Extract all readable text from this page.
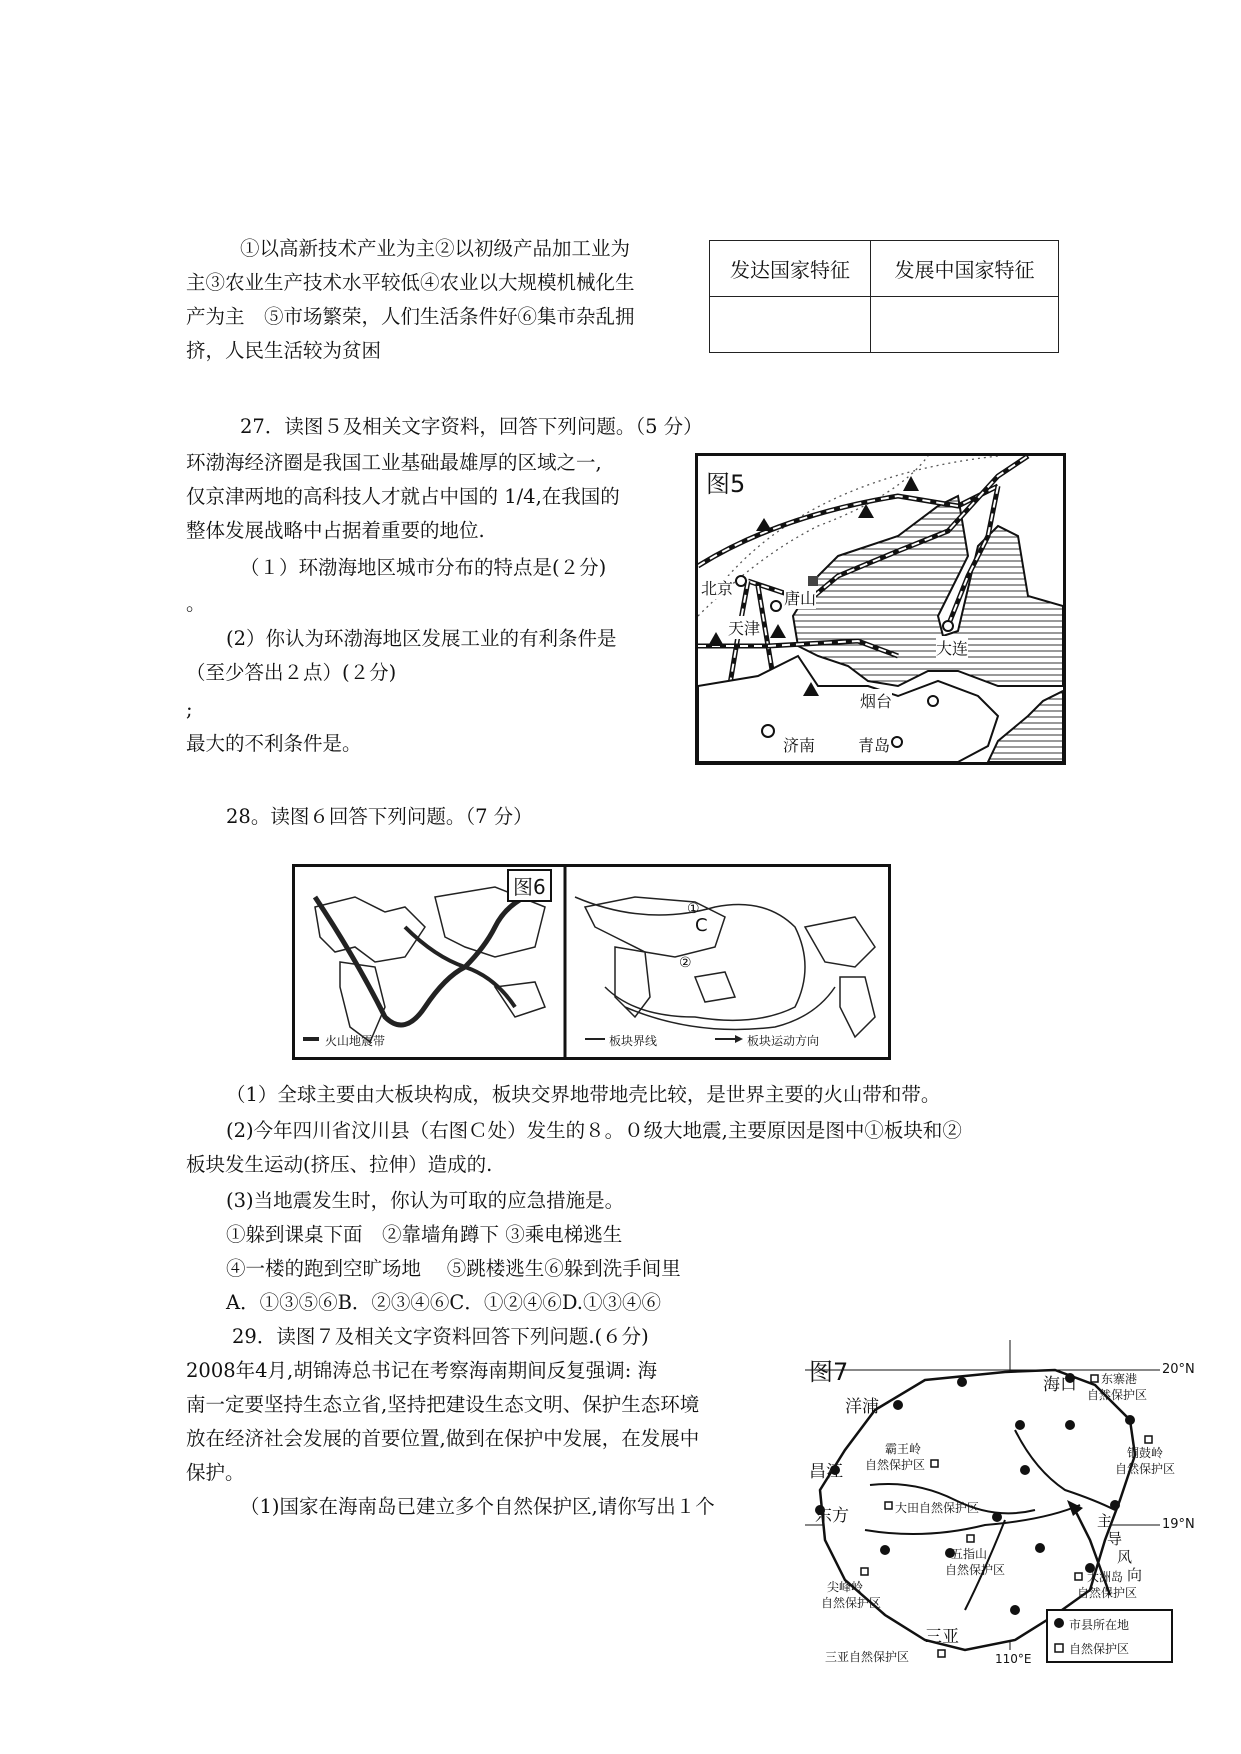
①以高新技术产业为主②以初级产品加工业为
主③农业生产技术水平较低④农业以大规模机械化生
产为主　⑤市场繁荣，人们生活条件好⑥集市杂乱拥
挤，人民生活较为贫困
发达国家特征	发展中国家特征

27．读图５及相关文字资料，回答下列问题。（5 分）
环渤海经济圈是我国工业基础最雄厚的区域之一,
仅京津两地的高科技人才就占中国的 1/4,在我国的
整体发展战略中占据着重要的地位.
（１）环渤海地区城市分布的特点是(２分)
。
(2）你认为环渤海地区发展工业的有利条件是
（至少答出２点）(２分)
;
最大的不利条件是。
图5
北京
唐山
天津
大连
烟台
济南	青岛
28。读图６回答下列问题。（7 分）
图6
火山地震带	板块界线	板块运动方向
①
②
C
（1）全球主要由大板块构成，板块交界地带地壳比较，是世界主要的火山带和带。
(2)今年四川省汶川县（右图Ｃ处）发生的８。０级大地震,主要原因是图中①板块和②
板块发生运动(挤压、拉伸）造成的.
(3)当地震发生时，你认为可取的应急措施是。
①躲到课桌下面　②靠墙角蹲下 ③乘电梯逃生
④一楼的跑到空旷场地　 ⑤跳楼逃生⑥躲到洗手间里
A．①③⑤⑥B．②③④⑥C．①②④⑥D.①③④⑥
29．读图７及相关文字资料回答下列问题.(６分)
2008年4月,胡锦涛总书记在考察海南期间反复强调: 海
南一定要坚持生态立省,坚持把建设生态文明、保护生态环境
放在经济社会发展的首要位置,做到在保护中发展，在发展中
保护。
（1)国家在海南岛已建立多个自然保护区,请你写出１个
图7	20°N
19°N
110°E
海口
洋浦
昌江
东方
三亚
东寨港
自然保护区
铜鼓岭
自然保护区
霸王岭
自然保护区
大田自然保护区
五指山
自然保护区
尖峰岭
自然保护区
大洲岛
自然保护区
三亚自然保护区
主
导
风
向
市县所在地
自然保护区
